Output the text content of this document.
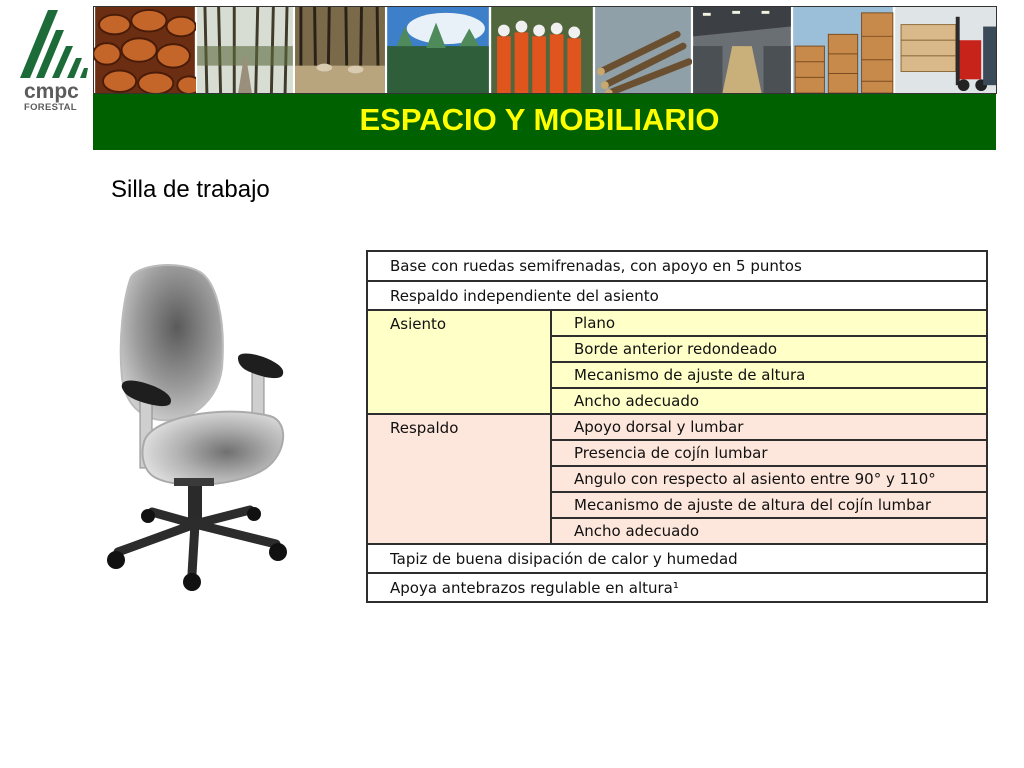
cmpc
FORESTAL	ESPACIO Y MOBILIARIO
Silla de trabajo
Base con ruedas semifrenadas, con apoyo en 5 puntos	
Respaldo independiente del asiento	
Asiento	Plano
	Borde anterior redondeado
	Mecanismo de ajuste de altura
	Ancho adecuado
Respaldo	Apoyo dorsal y lumbar
	Presencia de cojín lumbar
	Angulo con respecto al asiento entre 90° y 110°
	Mecanismo de ajuste de altura del cojín lumbar
	Ancho adecuado
Tapiz de buena disipación de calor y humedad	
Apoya antebrazos regulable en altura¹	
